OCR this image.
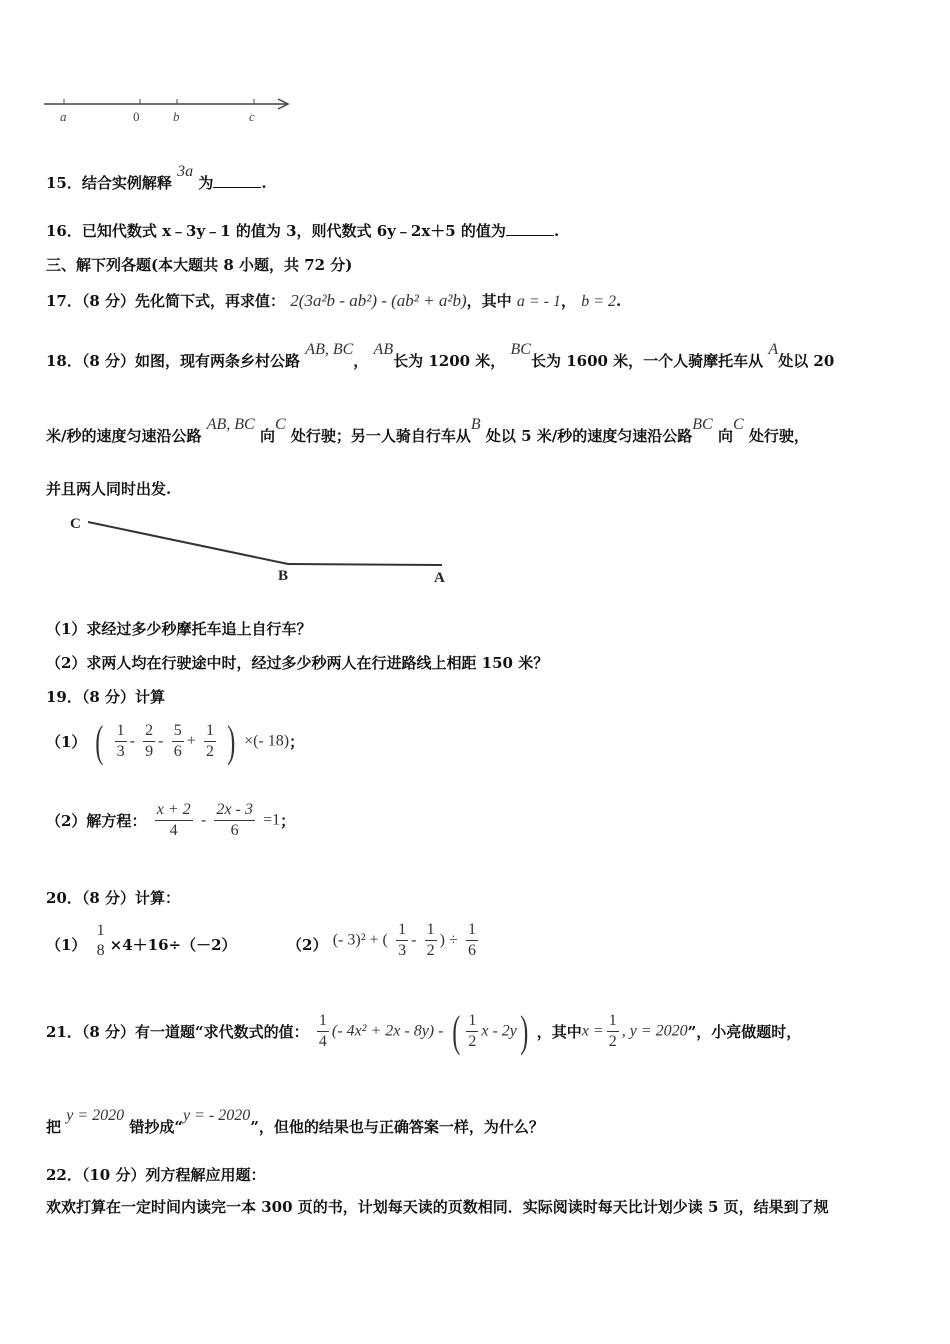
a	0	b	c
15．结合实例解释 3a 为	.
16．已知代数式 x﹣3y﹣1 的值为 3，则代数式 6y﹣2x＋5 的值为	.
三、解下列各题(本大题共 8 小题，共 72 分)
17．（8 分）先化简下式，再求值： 2(3a²b - ab²) - (ab² + a²b)，其中 a = - 1， b = 2.
18．（8 分）如图，现有两条乡村公路 AB, BC， AB长为 1200 米， BC长为 1600 米，一个人骑摩托车从 A处以 20
米/秒的速度匀速沿公路 AB, BC 向C 处行驶；另一人骑自行车从B 处以 5 米/秒的速度匀速沿公路BC 向C 处行驶，
并且两人同时出发.
C
B	A
（1）求经过多少秒摩托车追上自行车？
（2）求两人均在行驶途中时，经过多少秒两人在行进路线上相距 150 米？
19．（8 分）计算
（1） ( $\frac{1}{3} - \frac{2}{9} - \frac{5}{6} + \frac{1}{2}$ ) ×(- 18)；
（2）解方程： $\frac{x + 2}{4} - \frac{2x - 3}{6} =1$；
20．（8 分）计算：
（1）
1
8 ×4＋16÷（－2）	（2） (- 3)² + ( $\frac{1}{3} - \frac{1}{2}$ ) ÷ $\frac{1}{6}$
21．（8 分）有一道题“求代数式的值： $\frac{1}{4}$ (- 4x² + 2x - 8y) - ( $\frac{1}{2}$ x - 2y) ，其中$x = \frac{1}{2}$ , y = 2020”，小亮做题时，
把 y = 2020 错抄成“y = - 2020”，但他的结果也与正确答案一样，为什么？
22．（10 分）列方程解应用题：
欢欢打算在一定时间内读完一本 300 页的书，计划每天读的页数相同．实际阅读时每天比计划少读 5 页，结果到了规
